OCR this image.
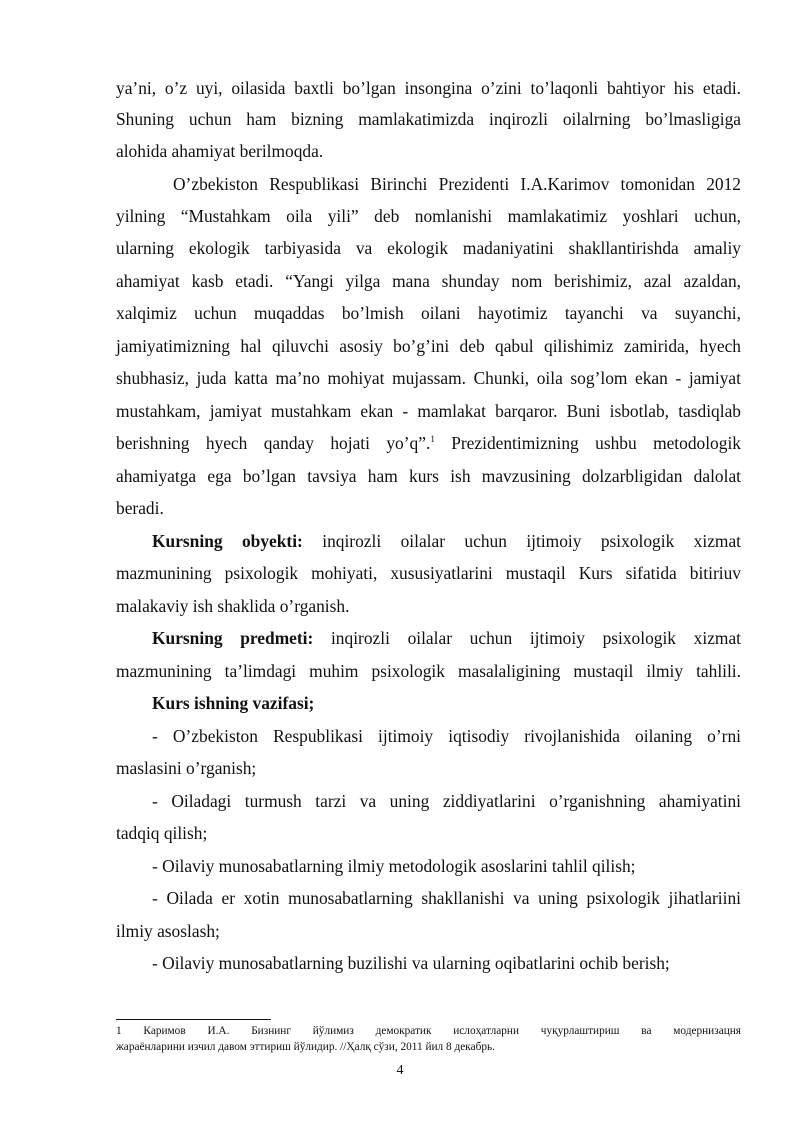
ya’ni, o’z uyi, oilasida baxtli bo’lgan insongina o’zini to’laqonli bahtiyor his etadi.
Shuning uchun ham bizning mamlakatimizda inqirozli oilalrning bo’lmasligiga
alohida ahamiyat berilmoqda.
O’zbekiston Respublikasi Birinchi Prezidenti I.A.Karimov tomonidan 2012
yilning “Mustahkam oila yili” deb nomlanishi mamlakatimiz yoshlari uchun,
ularning ekologik tarbiyasida va ekologik madaniyatini shakllantirishda amaliy
ahamiyat kasb etadi. “Yangi yilga mana shunday nom berishimiz, azal azaldan,
xalqimiz uchun muqaddas bo’lmish oilani hayotimiz tayanchi va suyanchi,
jamiyatimizning hal qiluvchi asosiy bo’g’ini deb qabul qilishimiz zamirida, hyech
shubhasiz, juda katta ma’no mohiyat mujassam. Chunki, oila sog’lom ekan - jamiyat
mustahkam, jamiyat mustahkam ekan - mamlakat barqaror. Buni isbotlab, tasdiqlab
berishning hyech qanday hojati yo’q”.$^1$ Prezidentimizning ushbu metodologik
ahamiyatga ega bo’lgan tavsiya ham kurs ish mavzusining dolzarbligidan dalolat
beradi.
Kursning obyekti: inqirozli oilalar uchun ijtimoiy psixologik xizmat
mazmunining psixologik mohiyati, xususiyatlarini mustaqil Kurs sifatida bitiriuv
malakaviy ish shaklida o’rganish.
Kursning predmeti: inqirozli oilalar uchun ijtimoiy psixologik xizmat
mazmunining ta’limdagi muhim psixologik masalaligining mustaqil ilmiy tahlili.
Kurs ishning vazifasi;
- O’zbekiston Respublikasi ijtimoiy iqtisodiy rivojlanishida oilaning o’rni
maslasini o’rganish;
- Oiladagi turmush tarzi va uning ziddiyatlarini o’rganishning ahamiyatini
tadqiq qilish;
- Oilaviy munosabatlarning ilmiy metodologik asoslarini tahlil qilish;
- Oilada er xotin munosabatlarning shakllanishi va uning psixologik jihatlariini
ilmiy asoslash;
- Oilaviy munosabatlarning buzilishi va ularning oqibatlarini ochib berish;
1 Каримов И.А. Бизнинг йўлимиз демократик ислоҳатларни чуқурлаштириш ва модернизацня
жараёнларини изчил давом эттириш йўлидир. //Ҳалқ сўзи, 2011 йил 8 декабрь.
4
